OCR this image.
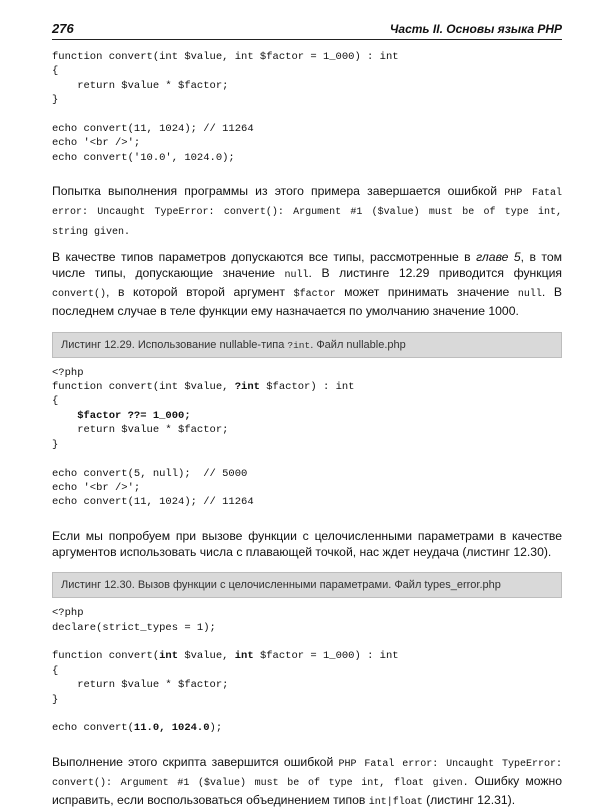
276	Часть II. Основы языка PHP
function convert(int $value, int $factor = 1_000) : int
{
return $value * $factor;
}
echo convert(11, 1024); // 11264
echo '<br />';
echo convert('10.0', 1024.0);

Попытка выполнения программы из этого примера завершается ошибкой PHP Fatal error: Uncaught TypeError: convert(): Argument #1 ($value) must be of type int, string given.

В качестве типов параметров допускаются все типы, рассмотренные в главе 5, в том числе типы, допускающие значение null. В листинге 12.29 приводится функция convert(), в которой второй аргумент $factor может принимать значение null. В последнем случае в теле функции ему назначается по умолчанию значение 1000.

Листинг 12.29. Использование nullable-типа ?int. Файл nullable.php
<?php
function convert(int $value, ?int $factor) : int
{
$factor ??= 1_000;
return $value * $factor;
}
echo convert(5, null);  // 5000
echo '<br />';
echo convert(11, 1024); // 11264

Если мы попробуем при вызове функции с целочисленными параметрами в качестве аргументов использовать числа с плавающей точкой, нас ждет неудача (листинг 12.30).

Листинг 12.30. Вызов функции с целочисленными параметрами. Файл types_error.php
<?php
declare(strict_types = 1);
function convert(int $value, int $factor = 1_000) : int
{
return $value * $factor;
}
echo convert(11.0, 1024.0);

Выполнение этого скрипта завершится ошибкой PHP Fatal error: Uncaught TypeError: convert(): Argument #1 ($value) must be of type int, float given. Ошибку можно исправить, если воспользоваться объединением типов int|float (листинг 12.31).
